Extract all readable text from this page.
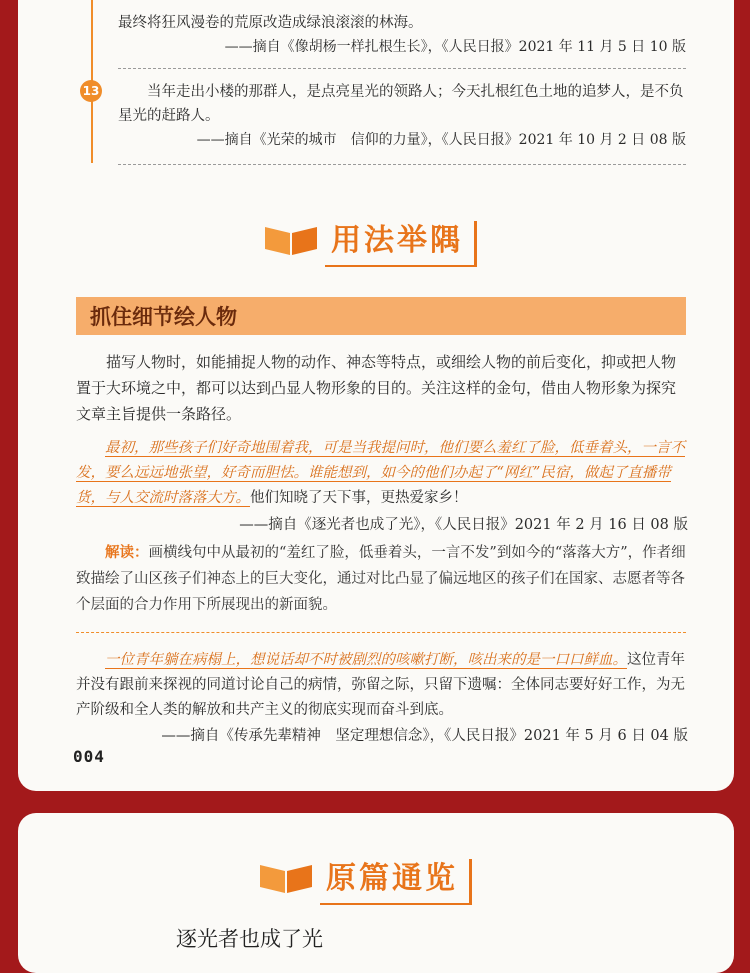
最终将狂风漫卷的荒原改造成绿浪滚滚的林海。

——摘自《像胡杨一样扎根生长》，《人民日报》2021 年 11 月 5 日 10 版

13	当年走出小楼的那群人，是点亮星光的领路人；今天扎根红色土地的追梦人，是不负星光的赶路人。

——摘自《光荣的城市　信仰的力量》，《人民日报》2021 年 10 月 2 日 08 版

用法举隅
抓住细节绘人物
描写人物时，如能捕捉人物的动作、神态等特点，或细绘人物的前后变化，抑或把人物置于大环境之中，都可以达到凸显人物形象的目的。关注这样的金句，借由人物形象为探究文章主旨提供一条路径。
最初，那些孩子们好奇地围着我，可是当我提问时，他们要么羞红了脸，低垂着头，一言不发，要么远远地张望，好奇而胆怯。谁能想到，如今的他们办起了“网红”民宿，做起了直播带货，与人交流时落落大方。他们知晓了天下事，更热爱家乡！
——摘自《逐光者也成了光》，《人民日报》2021 年 2 月 16 日 08 版
解读：画横线句中从最初的“羞红了脸，低垂着头，一言不发”到如今的“落落大方”，作者细致描绘了山区孩子们神态上的巨大变化，通过对比凸显了偏远地区的孩子们在国家、志愿者等各个层面的合力作用下所展现出的新面貌。
一位青年躺在病榻上，想说话却不时被剧烈的咳嗽打断，咳出来的是一口口鲜血。这位青年并没有跟前来探视的同道讨论自己的病情，弥留之际，只留下遗嘱：全体同志要好好工作，为无产阶级和全人类的解放和共产主义的彻底实现而奋斗到底。
——摘自《传承先辈精神　坚定理想信念》，《人民日报》2021 年 5 月 6 日 04 版
004
原篇通览
逐光者也成了光
